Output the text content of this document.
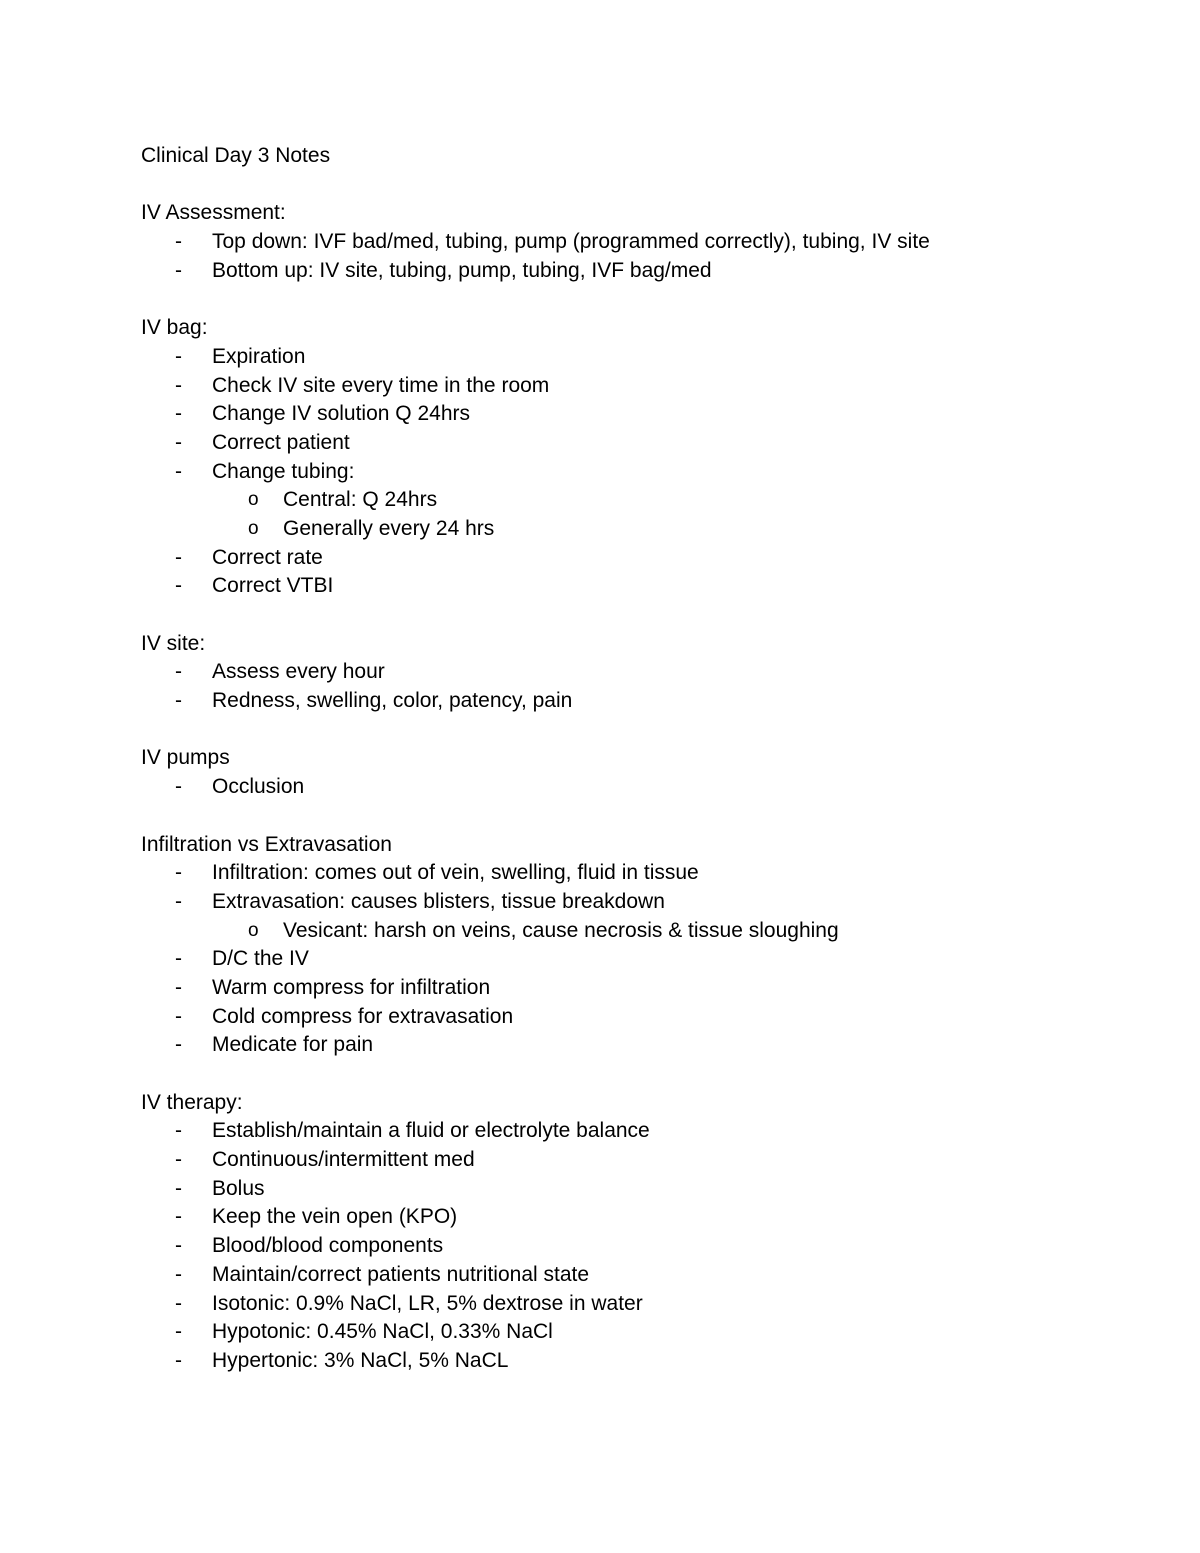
Clinical Day 3 Notes
IV Assessment:
- Top down: IVF bad/med, tubing, pump (programmed correctly), tubing, IV site
- Bottom up: IV site, tubing, pump, tubing, IVF bag/med
IV bag:
- Expiration
- Check IV site every time in the room
- Change IV solution Q 24hrs
- Correct patient
- Change tubing:
o Central: Q 24hrs
o Generally every 24 hrs
- Correct rate
- Correct VTBI
IV site:
- Assess every hour
- Redness, swelling, color, patency, pain
IV pumps
- Occlusion
Infiltration vs Extravasation
- Infiltration: comes out of vein, swelling, fluid in tissue
- Extravasation: causes blisters, tissue breakdown
o Vesicant: harsh on veins, cause necrosis & tissue sloughing
- D/C the IV
- Warm compress for infiltration
- Cold compress for extravasation
- Medicate for pain
IV therapy:
- Establish/maintain a fluid or electrolyte balance
- Continuous/intermittent med
- Bolus
- Keep the vein open (KPO)
- Blood/blood components
- Maintain/correct patients nutritional state
- Isotonic: 0.9% NaCl, LR, 5% dextrose in water
- Hypotonic: 0.45% NaCl, 0.33% NaCl
- Hypertonic: 3% NaCl, 5% NaCL
